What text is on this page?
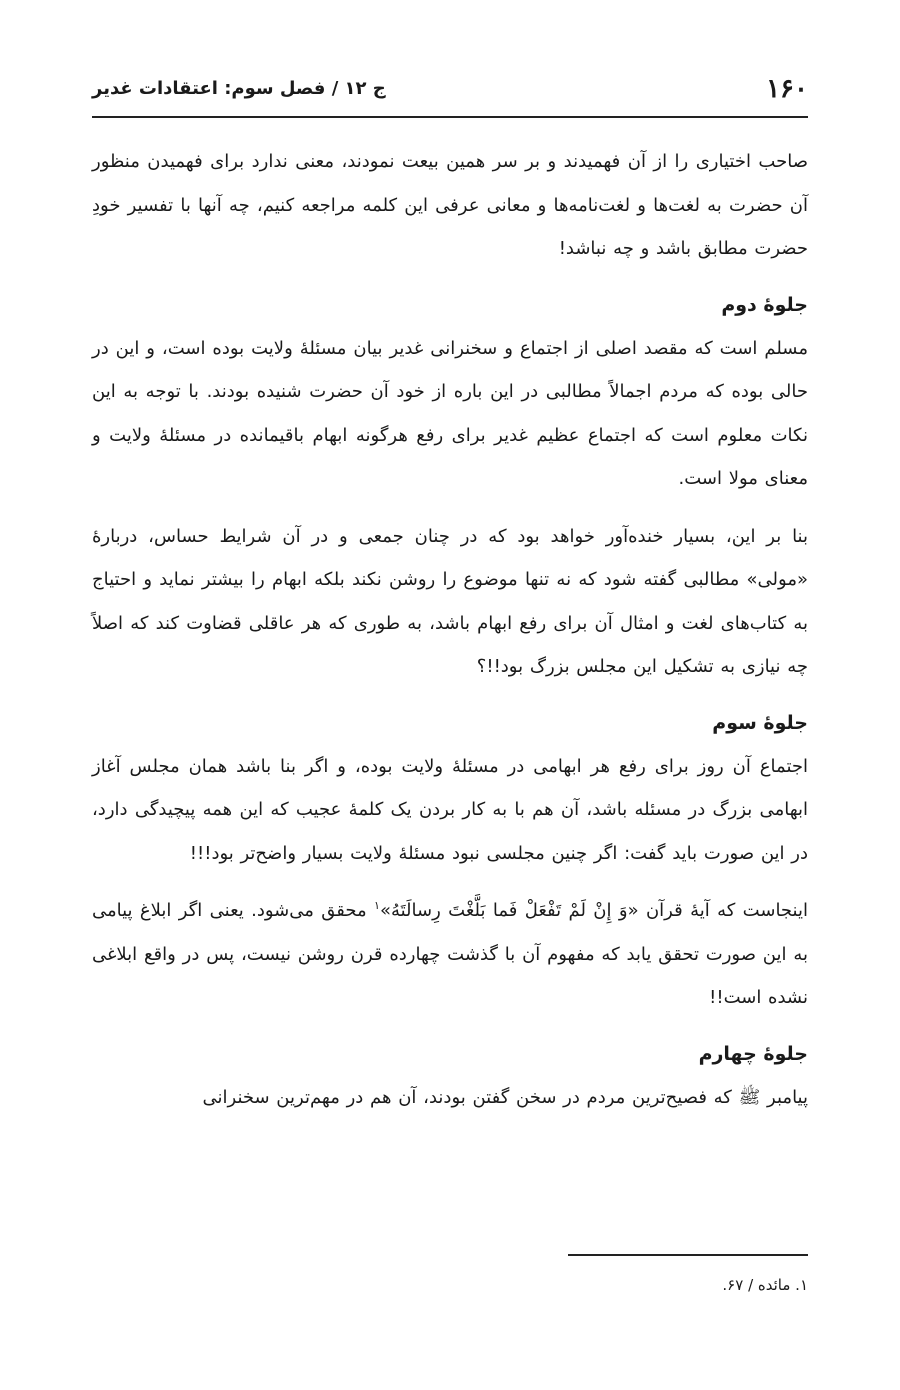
۱۶۰
ج ۱۲ / فصل سوم: اعتقادات غدیر

صاحب اختیاری را از آن فهمیدند و بر سر همین بیعت نمودند، معنی ندارد برای فهمیدن منظور آن حضرت به لغت‌ها و لغت‌نامه‌ها و معانی عرفی این کلمه مراجعه کنیم، چه آنها با تفسیر خودِ حضرت مطابق باشد و چه نباشد!

جلوهٔ دوم

مسلم است که مقصد اصلی از اجتماع و سخنرانی غدیر بیان مسئلهٔ ولایت بوده است، و این در حالی بوده که مردم اجمالاً مطالبی در این باره از خود آن حضرت شنیده بودند. با توجه به این نکات معلوم است که اجتماع عظیم غدیر برای رفع هرگونه ابهام باقیمانده در مسئلهٔ ولایت و معنای مولا است.

بنا بر این، بسیار خنده‌آور خواهد بود که در چنان جمعی و در آن شرایط حساس، دربارهٔ «مولی» مطالبی گفته شود که نه تنها موضوع را روشن نکند بلکه ابهام را بیشتر نماید و احتیاج به کتاب‌های لغت و امثال آن برای رفع ابهام باشد، به طوری که هر عاقلی قضاوت کند که اصلاً چه نیازی به تشکیل این مجلس بزرگ بود!!؟

جلوهٔ سوم

اجتماع آن روز برای رفع هر ابهامی در مسئلهٔ ولایت بوده، و اگر بنا باشد همان مجلس آغاز ابهامی بزرگ در مسئله باشد، آن هم با به کار بردن یک کلمهٔ عجیب که این همه پیچیدگی دارد، در این صورت باید گفت: اگر چنین مجلسی نبود مسئلهٔ ولایت بسیار واضح‌تر بود!!!

اینجاست که آیهٔ قرآن «وَ إِنْ لَمْ تَفْعَلْ فَما بَلَّغْتَ رِسالَتَهُ»$^۱$ محقق می‌شود. یعنی اگر ابلاغ پیامی به این صورت تحقق یابد که مفهوم آن با گذشت چهارده قرن روشن نیست، پس در واقع ابلاغی نشده است!!

جلوهٔ چهارم

پیامبر ﷺ که فصیح‌ترین مردم در سخن گفتن بودند، آن هم در مهم‌ترین سخنرانی

۱. مائده / ۶۷.
